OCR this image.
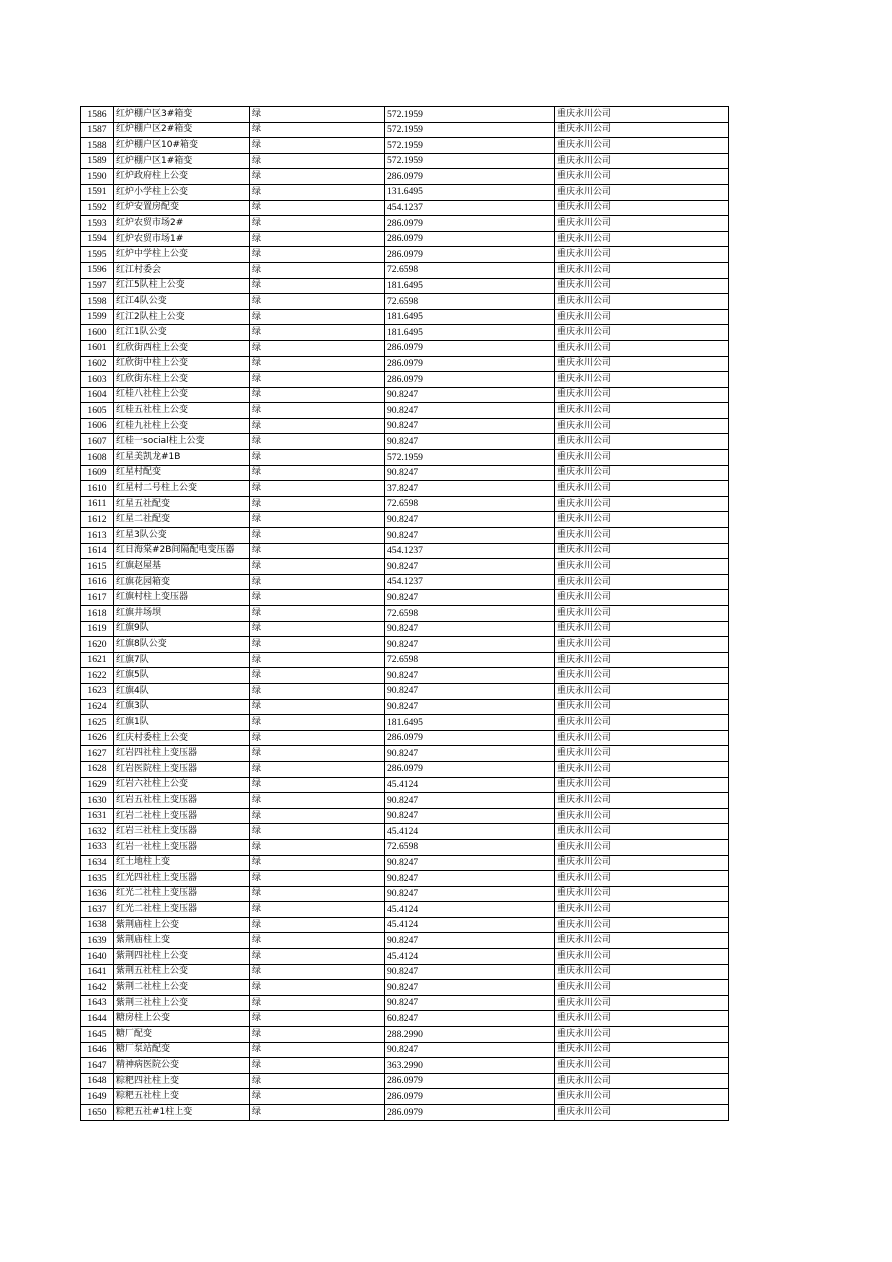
1586	红炉棚户区3#箱变	绿	572.1959	重庆永川公司
1587	红炉棚户区2#箱变	绿	572.1959	重庆永川公司
1588	红炉棚户区10#箱变	绿	572.1959	重庆永川公司
1589	红炉棚户区1#箱变	绿	572.1959	重庆永川公司
1590	红炉政府柱上公变	绿	286.0979	重庆永川公司
1591	红炉小学柱上公变	绿	131.6495	重庆永川公司
1592	红炉安置房配变	绿	454.1237	重庆永川公司
1593	红炉农贸市场2#	绿	286.0979	重庆永川公司
1594	红炉农贸市场1#	绿	286.0979	重庆永川公司
1595	红炉中学柱上公变	绿	286.0979	重庆永川公司
1596	红江村委会	绿	72.6598	重庆永川公司
1597	红江5队柱上公变	绿	181.6495	重庆永川公司
1598	红江4队公变	绿	72.6598	重庆永川公司
1599	红江2队柱上公变	绿	181.6495	重庆永川公司
1600	红江1队公变	绿	181.6495	重庆永川公司
1601	红欣街西柱上公变	绿	286.0979	重庆永川公司
1602	红欣街中柱上公变	绿	286.0979	重庆永川公司
1603	红欣街东柱上公变	绿	286.0979	重庆永川公司
1604	红桂八社柱上公变	绿	90.8247	重庆永川公司
1605	红桂五社柱上公变	绿	90.8247	重庆永川公司
1606	红桂九社柱上公变	绿	90.8247	重庆永川公司
1607	红桂一social柱上公变	绿	90.8247	重庆永川公司
1608	红星美凯龙#1B	绿	572.1959	重庆永川公司
1609	红星村配变	绿	90.8247	重庆永川公司
1610	红星村二号柱上公变	绿	37.8247	重庆永川公司
1611	红星五社配变	绿	72.6598	重庆永川公司
1612	红星二社配变	绿	90.8247	重庆永川公司
1613	红星3队公变	绿	90.8247	重庆永川公司
1614	红日海棠#2B间隔配电变压器	绿	454.1237	重庆永川公司
1615	红旗赵屋基	绿	90.8247	重庆永川公司
1616	红旗花园箱变	绿	454.1237	重庆永川公司
1617	红旗村柱上变压器	绿	90.8247	重庆永川公司
1618	红旗井场坝	绿	72.6598	重庆永川公司
1619	红旗9队	绿	90.8247	重庆永川公司
1620	红旗8队公变	绿	90.8247	重庆永川公司
1621	红旗7队	绿	72.6598	重庆永川公司
1622	红旗5队	绿	90.8247	重庆永川公司
1623	红旗4队	绿	90.8247	重庆永川公司
1624	红旗3队	绿	90.8247	重庆永川公司
1625	红旗1队	绿	181.6495	重庆永川公司
1626	红庆村委柱上公变	绿	286.0979	重庆永川公司
1627	红岩四社柱上变压器	绿	90.8247	重庆永川公司
1628	红岩医院柱上变压器	绿	286.0979	重庆永川公司
1629	红岩六社柱上公变	绿	45.4124	重庆永川公司
1630	红岩五社柱上变压器	绿	90.8247	重庆永川公司
1631	红岩二社柱上变压器	绿	90.8247	重庆永川公司
1632	红岩三社柱上变压器	绿	45.4124	重庆永川公司
1633	红岩一社柱上变压器	绿	72.6598	重庆永川公司
1634	红土地柱上变	绿	90.8247	重庆永川公司
1635	红光四社柱上变压器	绿	90.8247	重庆永川公司
1636	红光二社柱上变压器	绿	90.8247	重庆永川公司
1637	红光二社柱上变压器	绿	45.4124	重庆永川公司
1638	紫荆庙柱上公变	绿	45.4124	重庆永川公司
1639	紫荆庙柱上变	绿	90.8247	重庆永川公司
1640	紫荆四社柱上公变	绿	45.4124	重庆永川公司
1641	紫荆五社柱上公变	绿	90.8247	重庆永川公司
1642	紫荆二社柱上公变	绿	90.8247	重庆永川公司
1643	紫荆三社柱上公变	绿	90.8247	重庆永川公司
1644	糖房柱上公变	绿	60.8247	重庆永川公司
1645	糖厂配变	绿	288.2990	重庆永川公司
1646	糖厂泵站配变	绿	90.8247	重庆永川公司
1647	精神病医院公变	绿	363.2990	重庆永川公司
1648	粽粑四社柱上变	绿	286.0979	重庆永川公司
1649	粽粑五社柱上变	绿	286.0979	重庆永川公司
1650	粽粑五社#1柱上变	绿	286.0979	重庆永川公司
